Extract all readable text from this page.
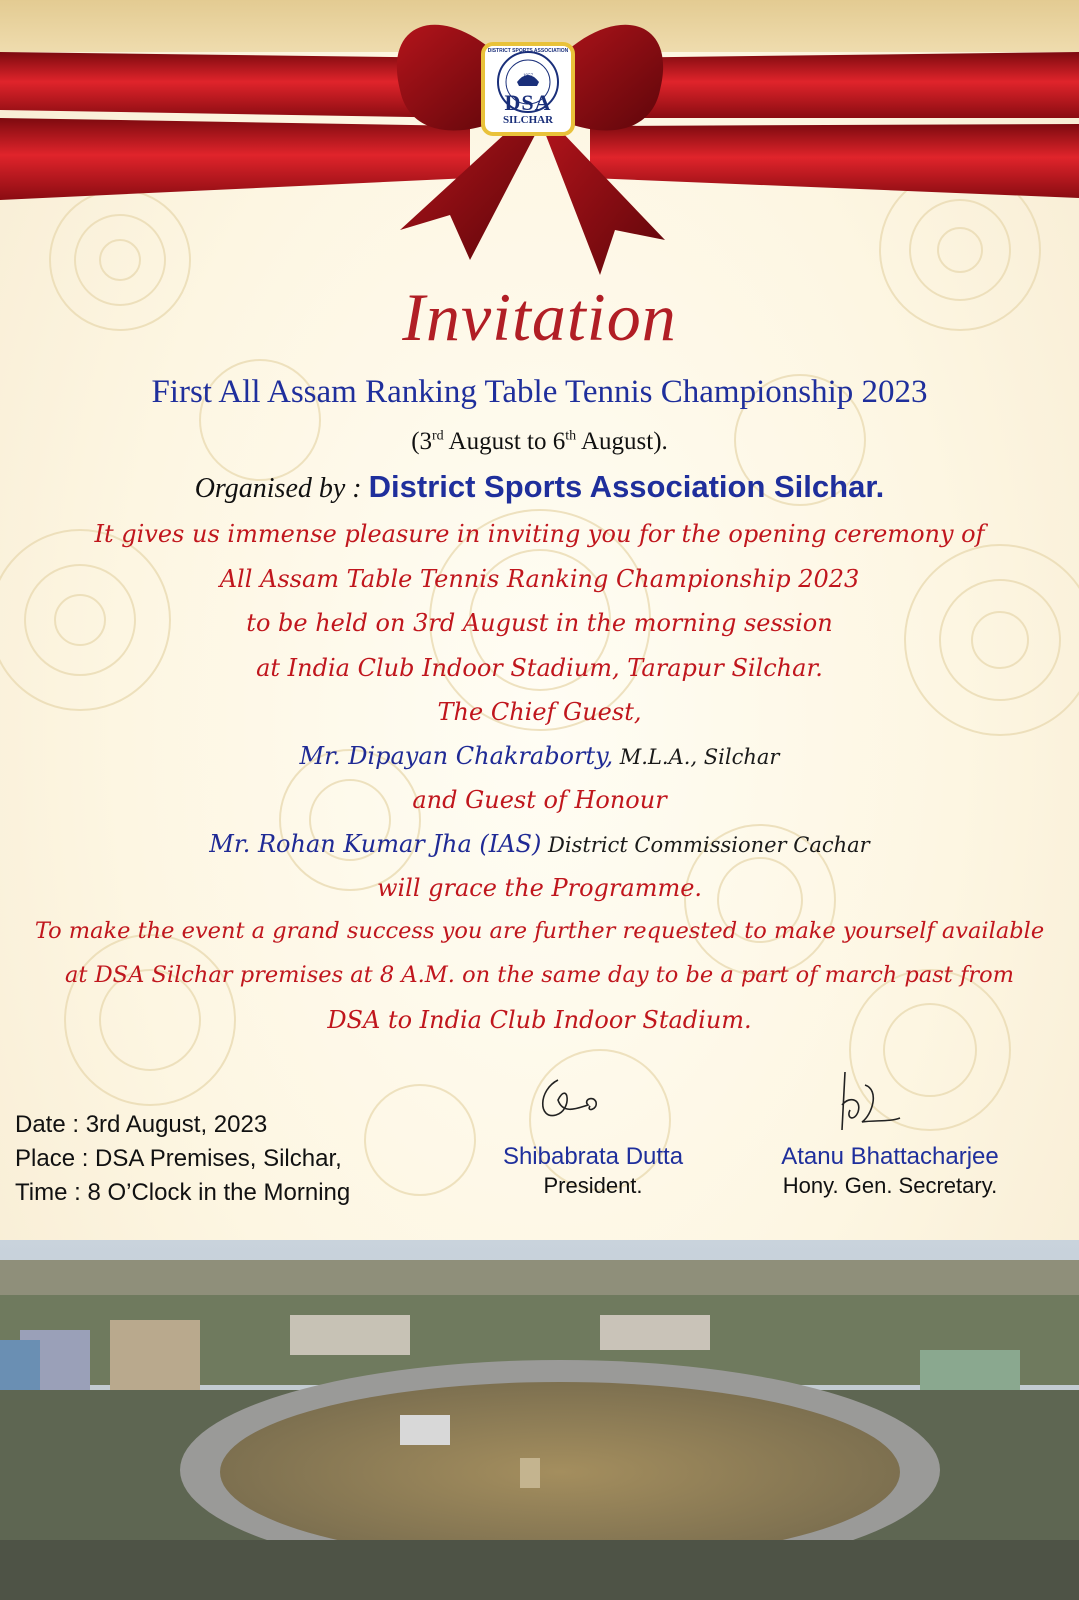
1957
DSA
SILCHAR
DISTRICT SPORTS ASSOCIATION
Invitation
First All Assam Ranking Table Tennis Championship 2023
(3rd August to 6th August).
Organised by : District Sports Association Silchar.
It gives us immense pleasure in inviting you for the opening ceremony of
All Assam Table Tennis Ranking Championship 2023
to be held on 3rd August in the morning session
at India Club Indoor Stadium, Tarapur Silchar.
The Chief Guest,
Mr. Dipayan Chakraborty, M.L.A., Silchar
and Guest of Honour
Mr. Rohan Kumar Jha (IAS) District Commissioner Cachar
will grace the Programme.
To make the event a grand success you are further requested to make yourself available
at DSA Silchar premises at 8 A.M. on the same day to be a part of march past from
DSA to India Club Indoor Stadium.
Date : 3rd August, 2023
Place : DSA Premises, Silchar,
Time : 8 O’Clock in the Morning
Shibabrata Dutta
President.
Atanu Bhattacharjee
Hony. Gen. Secretary.
